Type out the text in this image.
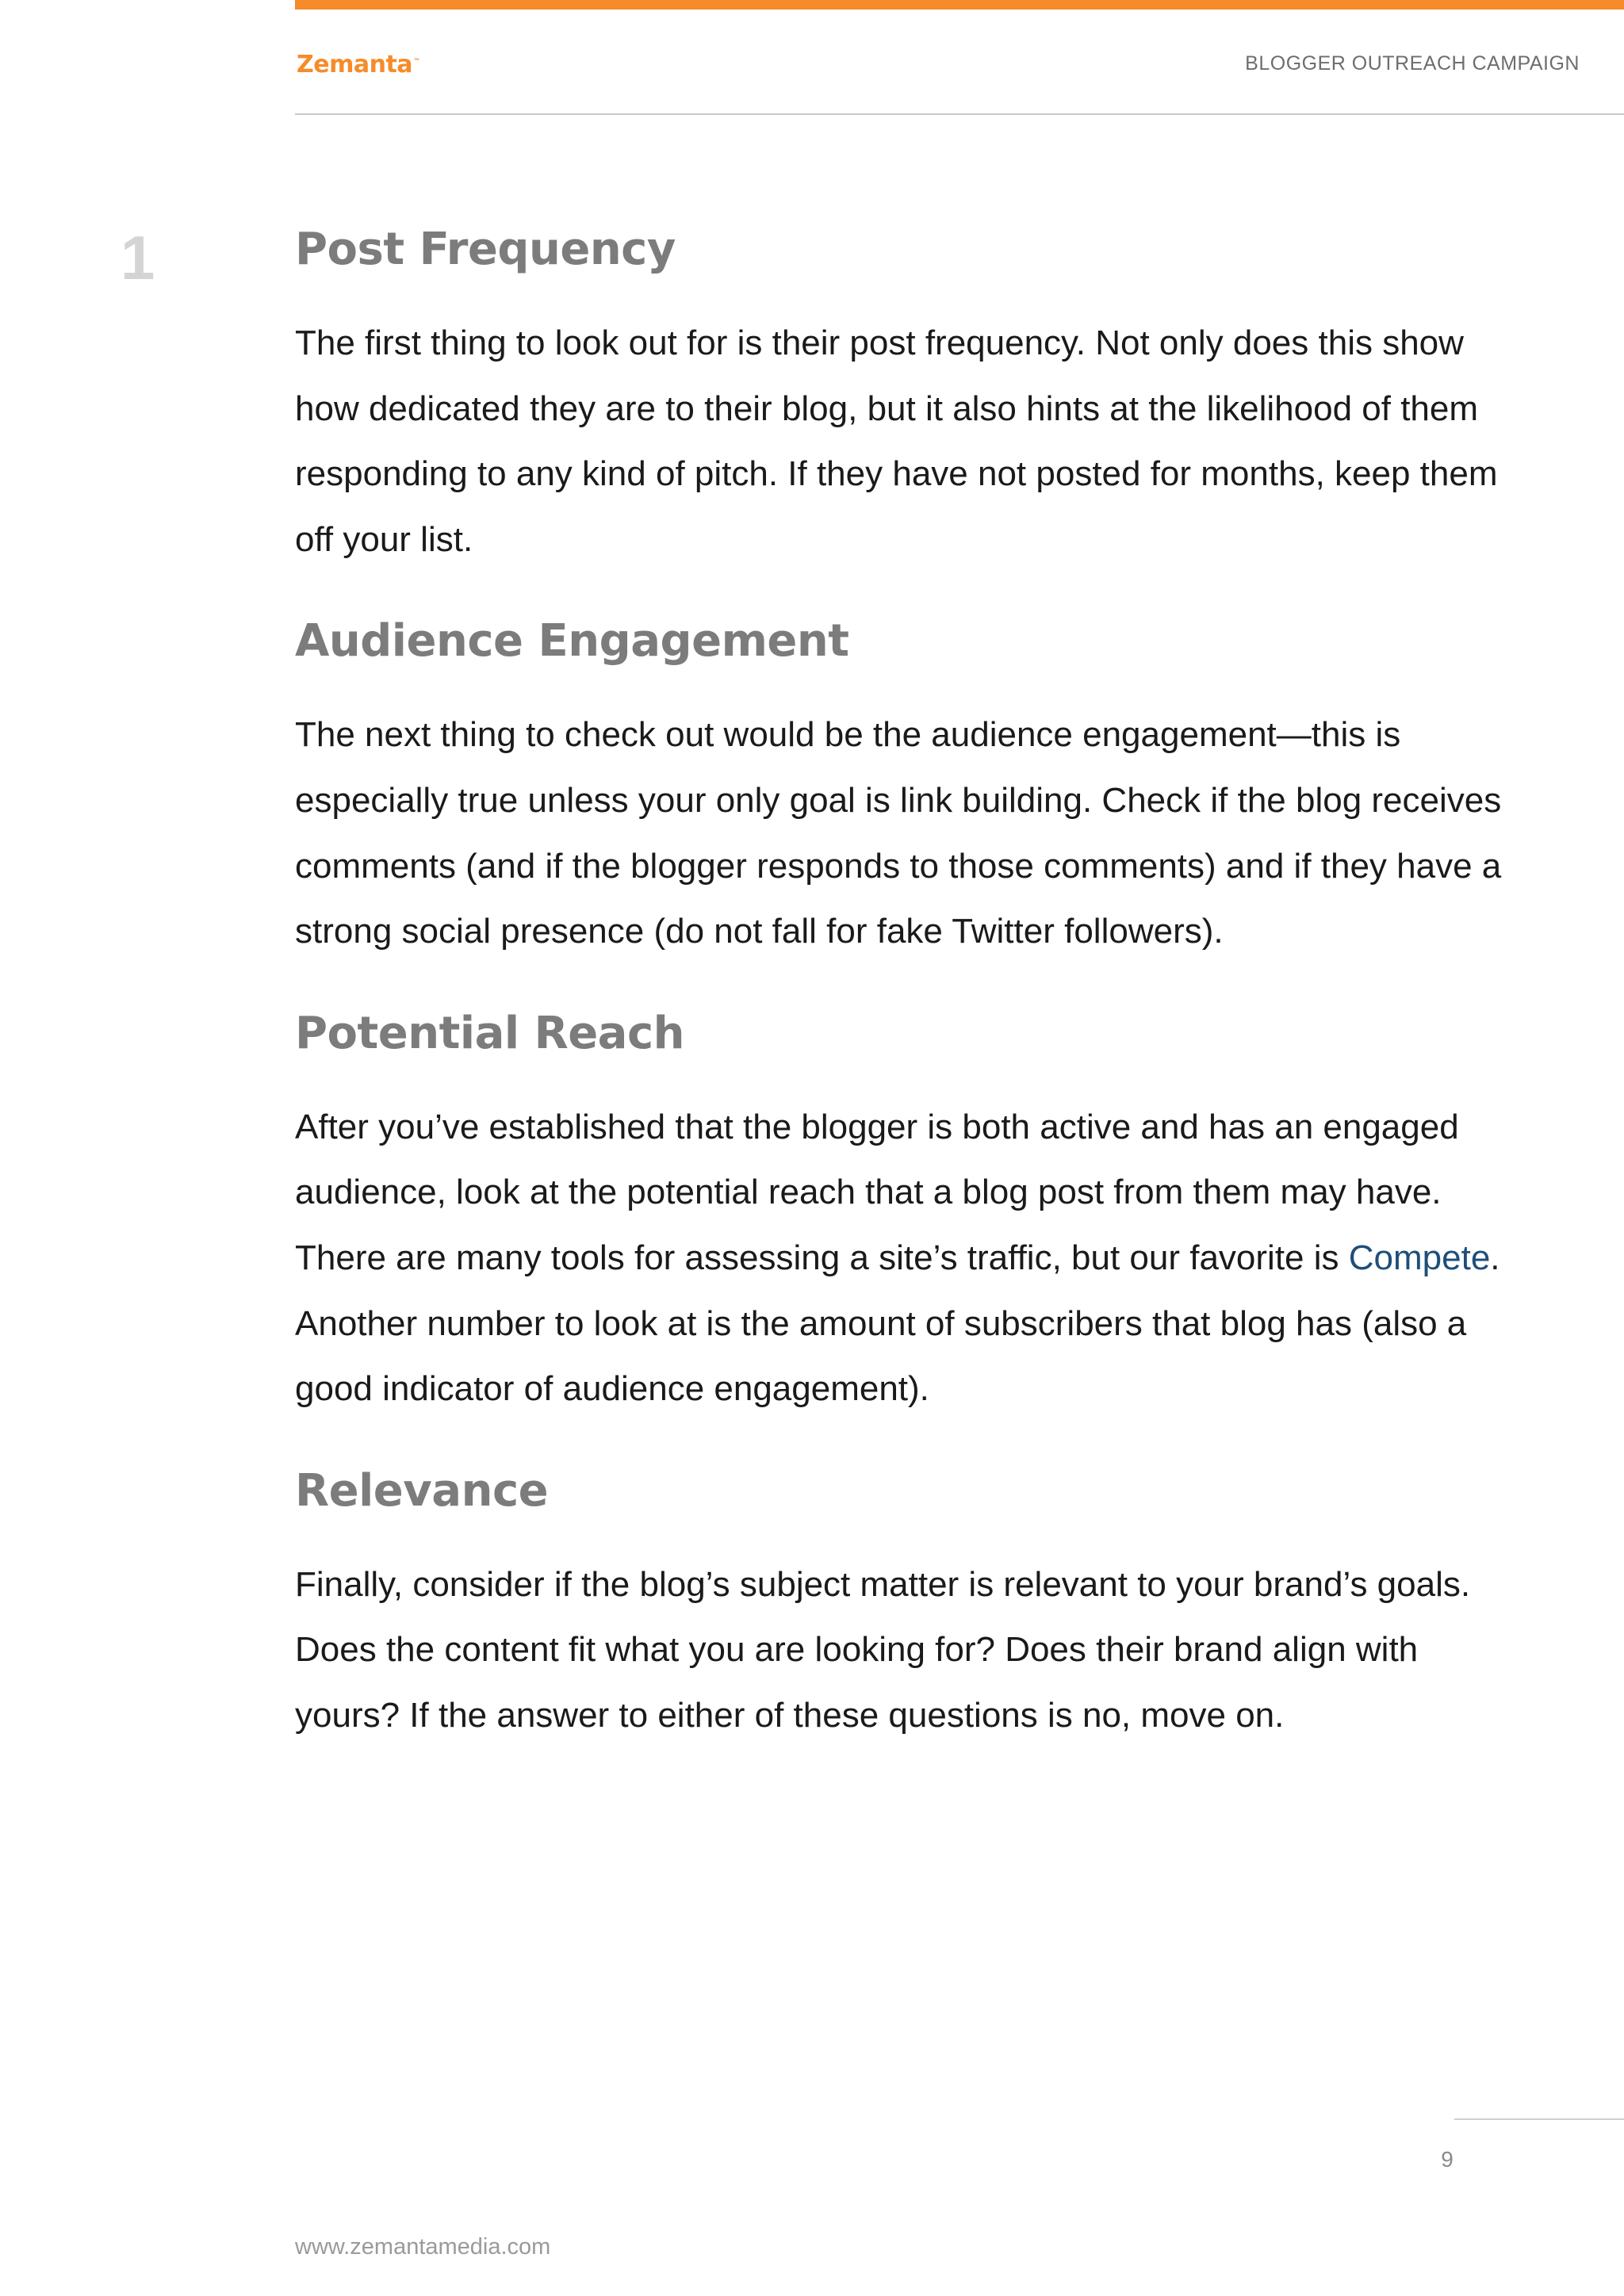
Zemanta™	BLOGGER OUTREACH CAMPAIGN
1	Post Frequency

The first thing to look out for is their post frequency. Not only does this show how dedicated they are to their blog, but it also hints at the likelihood of them responding to any kind of pitch. If they have not posted for months, keep them off your list.

Audience Engagement

The next thing to check out would be the audience engagement—this is especially true unless your only goal is link building. Check if the blog receives comments (and if the blogger responds to those comments) and if they have a strong social presence (do not fall for fake Twitter followers).

Potential Reach

After you’ve established that the blogger is both active and has an engaged audience, look at the potential reach that a blog post from them may have. There are many tools for assessing a site’s traffic, but our favorite is Compete. Another number to look at is the amount of subscribers that blog has (also a good indicator of audience engagement).

Relevance

Finally, consider if the blog’s subject matter is relevant to your brand’s goals. Does the content fit what you are looking for? Does their brand align with yours? If the answer to either of these questions is no, move on.

9
www.zemantamedia.com
